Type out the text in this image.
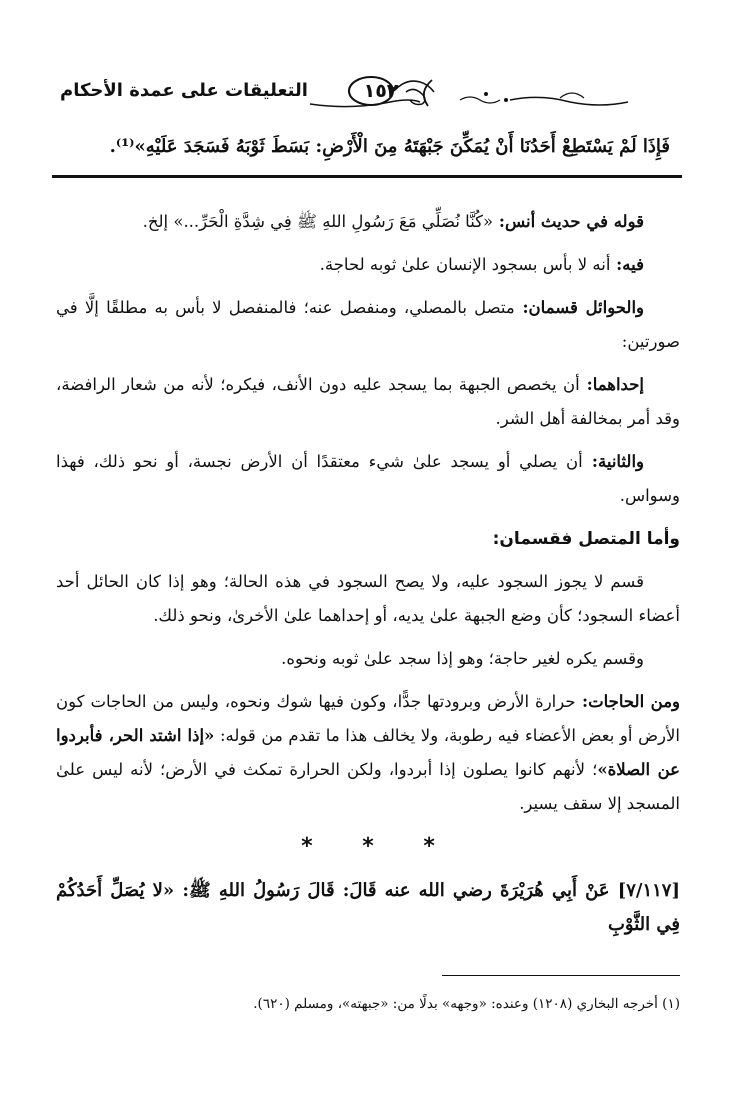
التعليقات على عمدة الأحكام	١٥٢
فَإِذَا لَمْ يَسْتَطِعْ أَحَدُنَا أَنْ يُمَكِّنَ جَبْهَتَهُ مِنَ الْأَرْضِ: بَسَطَ ثَوْبَهُ فَسَجَدَ عَلَيْهِ»⁽¹⁾.

قوله في حديث أنس: «كُنَّا نُصَلِّي مَعَ رَسُولِ اللهِ ﷺ فِي شِدَّةِ الْحَرِّ...» إلخ.

فيه: أنه لا بأس بسجود الإنسان علىٰ ثوبه لحاجة.

والحوائل قسمان: متصل بالمصلي، ومنفصل عنه؛ فالمنفصل لا بأس به مطلقًا إلَّا في صورتين:

إحداهما: أن يخصص الجبهة بما يسجد عليه دون الأنف، فيكره؛ لأنه من شعار الرافضة، وقد أمر بمخالفة أهل الشر.

والثانية: أن يصلي أو يسجد علىٰ شيء معتقدًا أن الأرض نجسة، أو نحو ذلك، فهذا وسواس.

وأما المتصل فقسمان:

قسم لا يجوز السجود عليه، ولا يصح السجود في هذه الحالة؛ وهو إذا كان الحائل أحد أعضاء السجود؛ كأن وضع الجبهة علىٰ يديه، أو إحداهما علىٰ الأخرىٰ، ونحو ذلك.

وقسم يكره لغير حاجة؛ وهو إذا سجد علىٰ ثوبه ونحوه.

ومن الحاجات: حرارة الأرض وبرودتها جدًّا، وكون فيها شوك ونحوه، وليس من الحاجات كون الأرض أو بعض الأعضاء فيه رطوبة، ولا يخالف هذا ما تقدم من قوله: «إذا اشتد الحر، فأبردوا عن الصلاة»؛ لأنهم كانوا يصلون إذا أبردوا، ولكن الحرارة تمكث في الأرض؛ لأنه ليس علىٰ المسجد إلا سقف يسير.

* * *

[٧/١١٧] عَنْ أَبِي هُرَيْرَةَ رضي الله عنه قَالَ: قَالَ رَسُولُ اللهِ ﷺ: «لا يُصَلِّ أَحَدُكُمْ فِي الثَّوْبِ

(١) أخرجه البخاري (١٢٠٨) وعنده: «وجهه» بدلًا من: «جبهته»، ومسلم (٦٢٠).
